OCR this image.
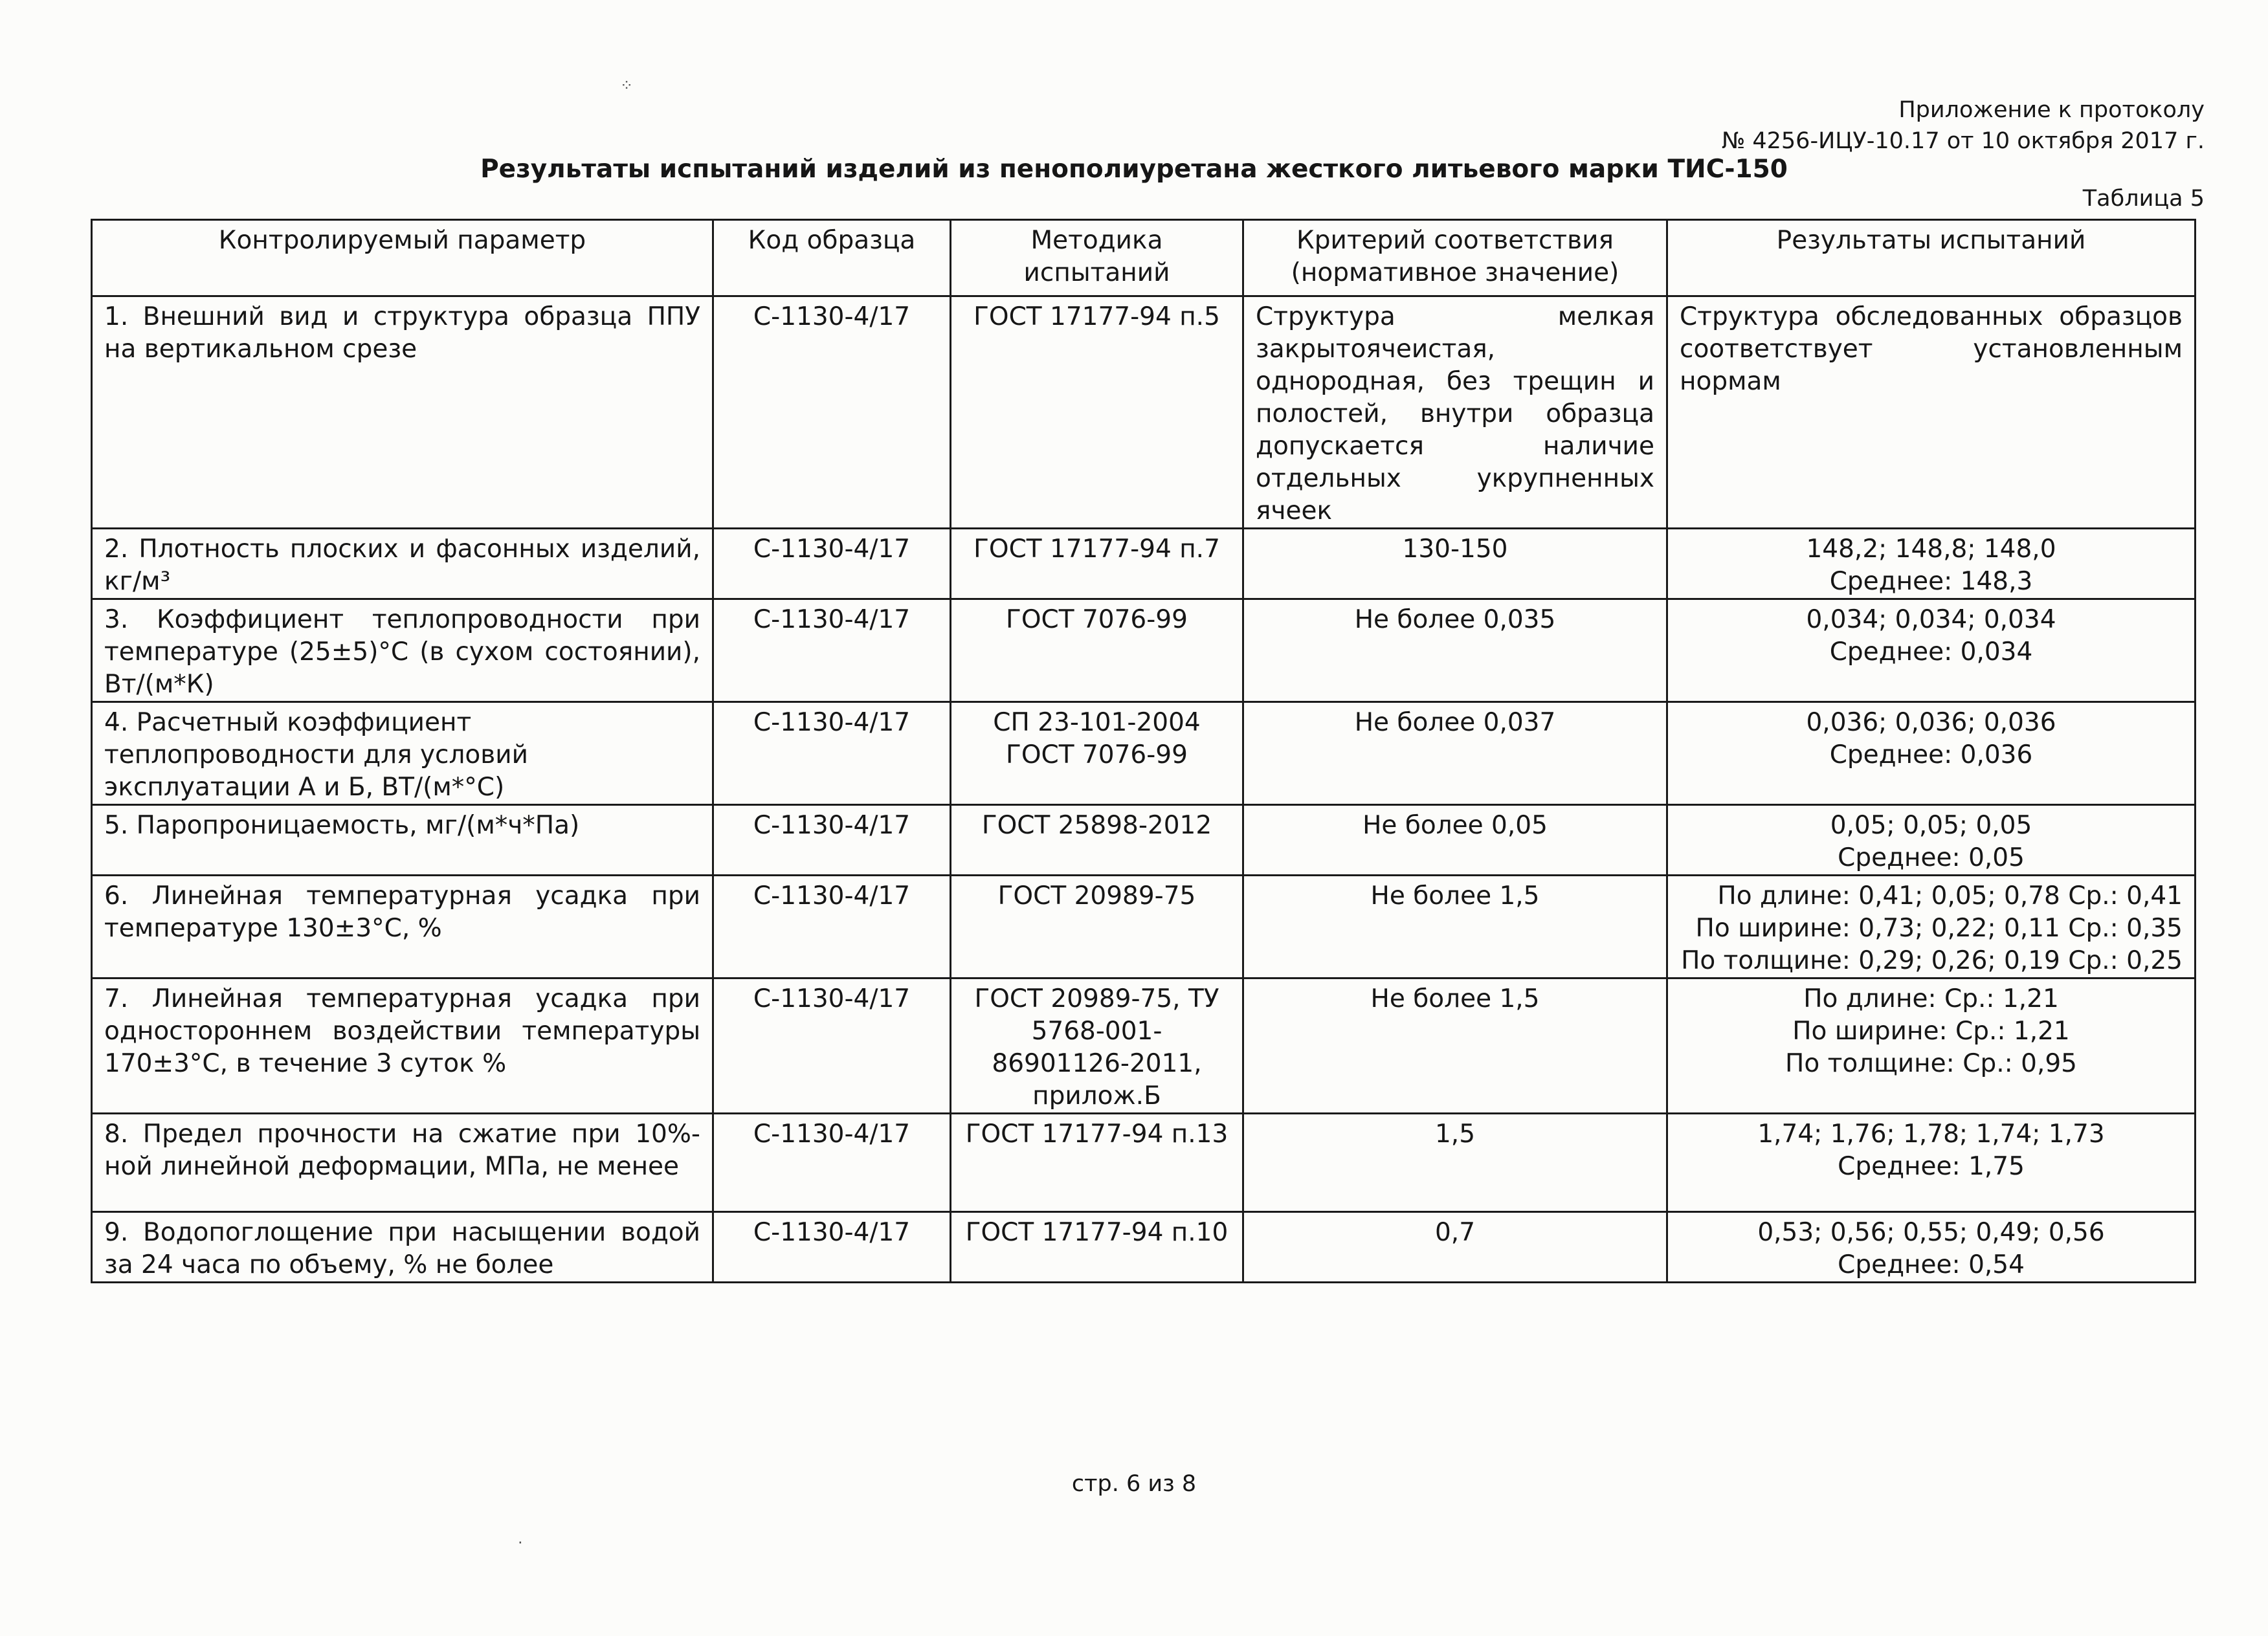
⁘
·
Приложение к протоколу
№ 4256-ИЦУ-10.17 от 10 октября 2017 г.
Результаты испытаний изделий из пенополиуретана жесткого литьевого марки ТИС-150
Таблица 5
Контролируемый параметр	Код образца	Методика испытаний	Критерий соответствия (нормативное значение)	Результаты испытаний
1. Внешний вид и структура образца ППУ на вертикальном срезе	С-1130-4/17	ГОСТ 17177-94 п.5	Структура мелкая закрытоячеистая, однородная, без трещин и полостей, внутри образца допускается наличие отдельных укрупненных ячеек	Структура обследованных образцов соответствует установленным нормам

2. Плотность плоских и фасонных изделий, кг/м³	С-1130-4/17	ГОСТ 17177-94 п.7	130-150	148,2; 148,8; 148,0
Среднее: 148,3

3. Коэффициент теплопроводности при температуре (25±5)°С (в сухом состоянии), Вт/(м*К)	С-1130-4/17	ГОСТ 7076-99	Не более 0,035	0,034; 0,034; 0,034
Среднее: 0,034

4. Расчетный коэффициент теплопроводности для условий эксплуатации А и Б, ВТ/(м*°С)	С-1130-4/17	СП 23-101-2004 ГОСТ 7076-99	Не более 0,037	0,036; 0,036; 0,036
Среднее: 0,036

5. Паропроницаемость, мг/(м*ч*Па)	С-1130-4/17	ГОСТ 25898-2012	Не более 0,05	0,05; 0,05; 0,05
Среднее: 0,05

6. Линейная температурная усадка при температуре 130±3°С, %	С-1130-4/17	ГОСТ 20989-75	Не более 1,5	По длине: 0,41; 0,05; 0,78 Ср.: 0,41
По ширине: 0,73; 0,22; 0,11 Ср.: 0,35
По толщине: 0,29; 0,26; 0,19 Ср.: 0,25

7. Линейная температурная усадка при одностороннем воздействии температуры 170±3°С, в течение 3 суток %	С-1130-4/17	ГОСТ 20989-75, ТУ 5768-001-86901126-2011, прилож.Б	Не более 1,5	По длине: Ср.: 1,21
По ширине: Ср.: 1,21
По толщине: Ср.: 0,95

8. Предел прочности на сжатие при 10%-ной линейной деформации, МПа, не менее	С-1130-4/17	ГОСТ 17177-94 п.13	1,5	1,74; 1,76; 1,78; 1,74; 1,73
Среднее: 1,75

9. Водопоглощение при насыщении водой за 24 часа по объему, % не более	С-1130-4/17	ГОСТ 17177-94 п.10	0,7	0,53; 0,56; 0,55; 0,49; 0,56
Среднее: 0,54
стр. 6 из 8
